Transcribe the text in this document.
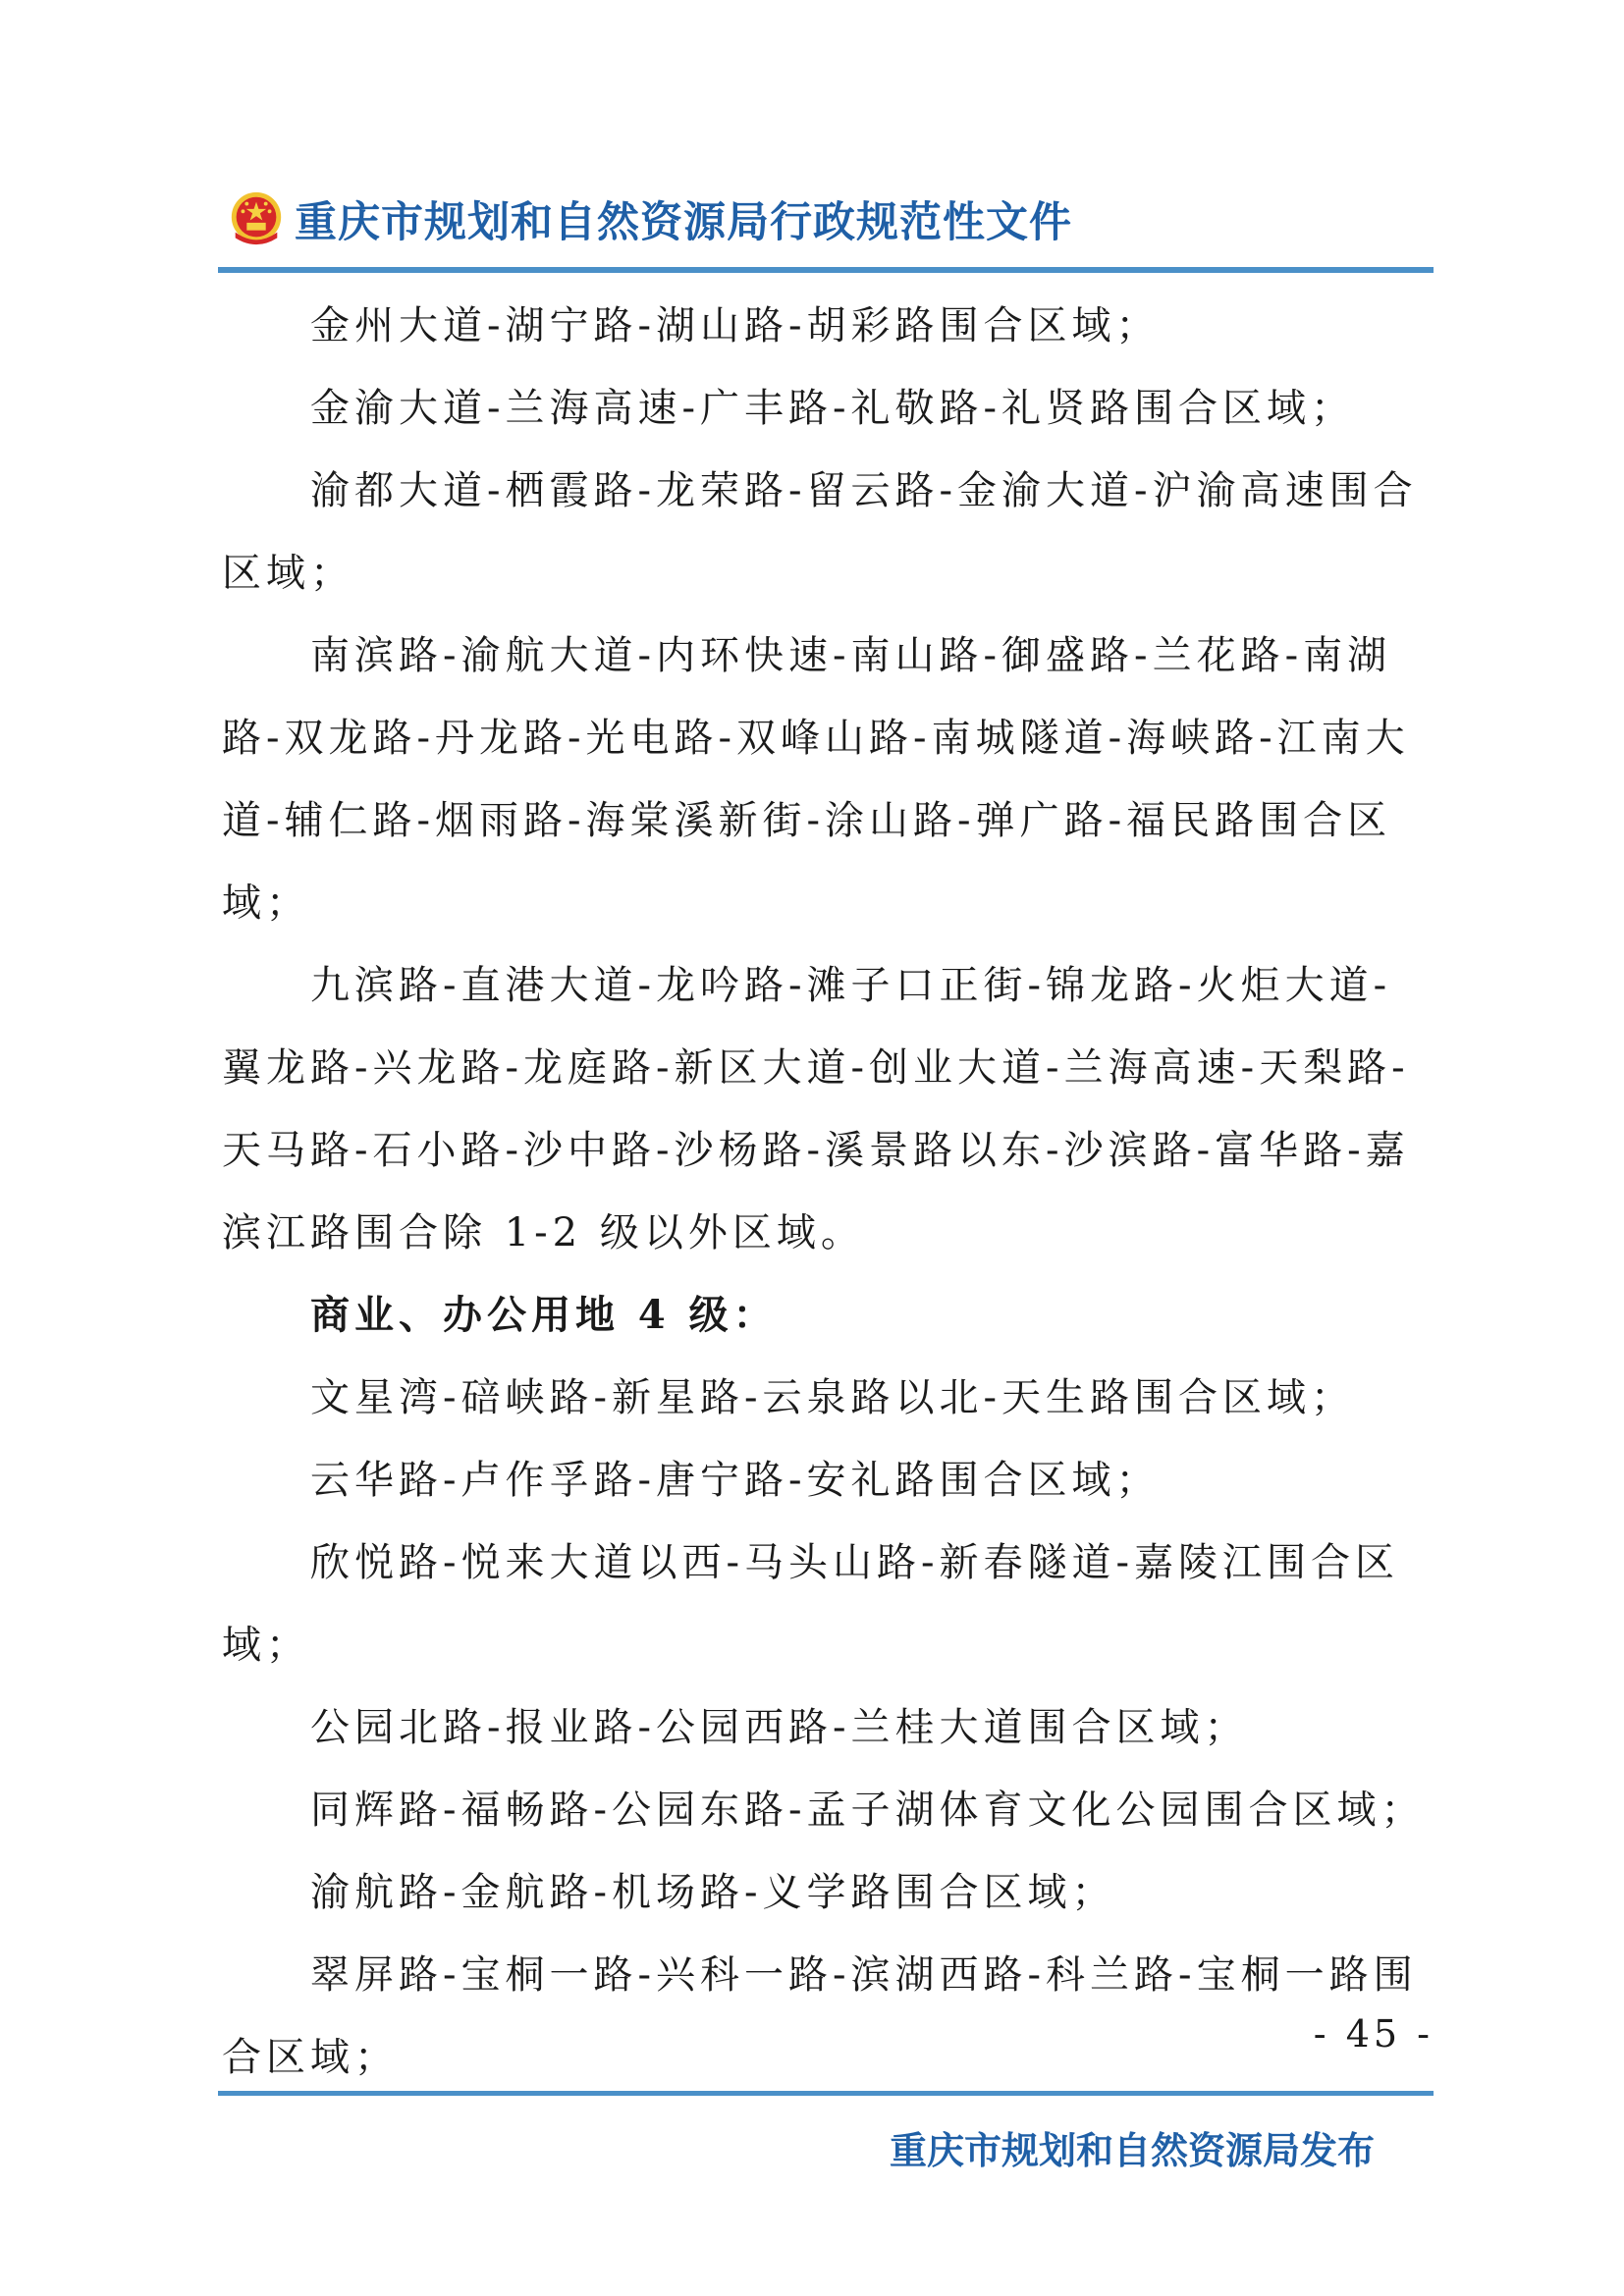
重庆市规划和自然资源局行政规范性文件

金州大道-湖宁路-湖山路-胡彩路围合区域；

金渝大道-兰海高速-广丰路-礼敬路-礼贤路围合区域；

渝都大道-栖霞路-龙荣路-留云路-金渝大道-沪渝高速围合区域；

南滨路-渝航大道-内环快速-南山路-御盛路-兰花路-南湖路-双龙路-丹龙路-光电路-双峰山路-南城隧道-海峡路-江南大道-辅仁路-烟雨路-海棠溪新街-涂山路-弹广路-福民路围合区域；

九滨路-直港大道-龙吟路-滩子口正街-锦龙路-火炬大道-翼龙路-兴龙路-龙庭路-新区大道-创业大道-兰海高速-天梨路-天马路-石小路-沙中路-沙杨路-溪景路以东-沙滨路-富华路-嘉滨江路围合除 1-2 级以外区域。

商业、办公用地 4 级：

文星湾-碚峡路-新星路-云泉路以北-天生路围合区域；

云华路-卢作孚路-唐宁路-安礼路围合区域；

欣悦路-悦来大道以西-马头山路-新春隧道-嘉陵江围合区域；

公园北路-报业路-公园西路-兰桂大道围合区域；

同辉路-福畅路-公园东路-孟子湖体育文化公园围合区域；

渝航路-金航路-机场路-义学路围合区域；

翠屏路-宝桐一路-兴科一路-滨湖西路-科兰路-宝桐一路围合区域；

- 45 -
重庆市规划和自然资源局发布
